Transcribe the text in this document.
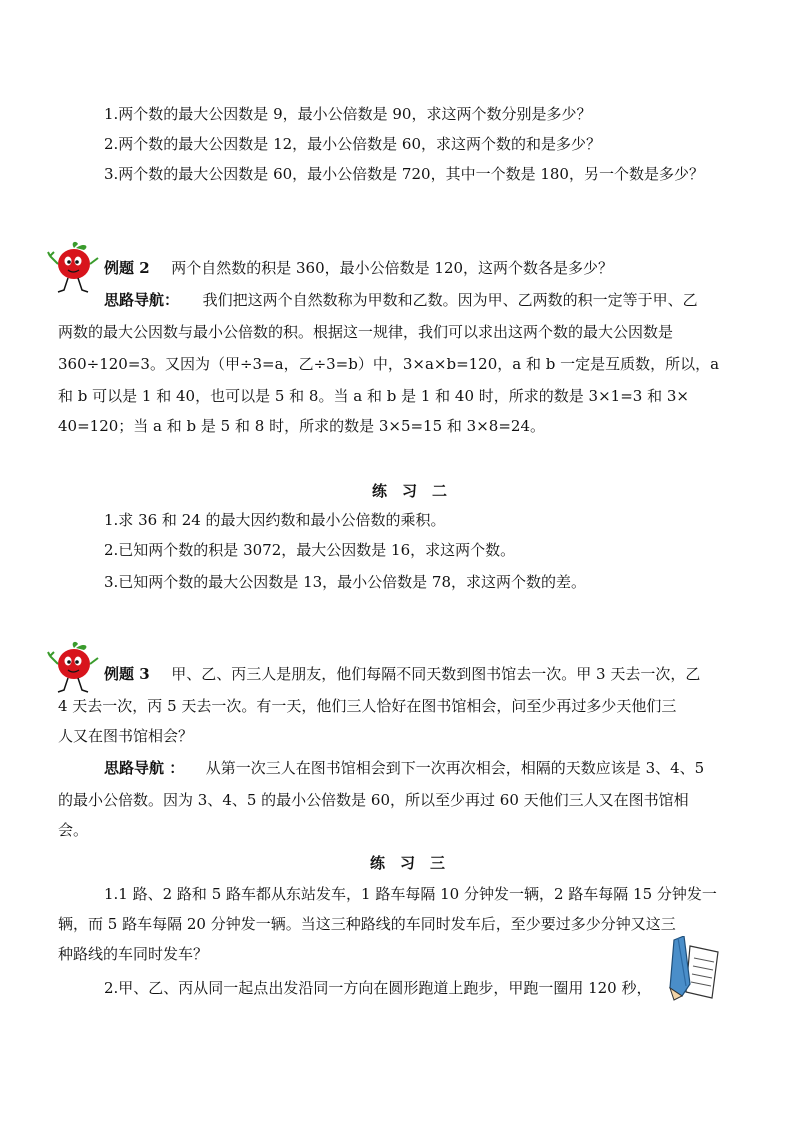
1.两个数的最大公因数是 9，最小公倍数是 90，求这两个数分别是多少？
2.两个数的最大公因数是 12，最小公倍数是 60，求这两个数的和是多少？
3.两个数的最大公因数是 60，最小公倍数是 720，其中一个数是 180，另一个数是多少？
例题 2 两个自然数的积是 360，最小公倍数是 120，这两个数各是多少？
思路导航： 我们把这两个自然数称为甲数和乙数。因为甲、乙两数的积一定等于甲、乙
两数的最大公因数与最小公倍数的积。根据这一规律，我们可以求出这两个数的最大公因数是
360÷120=3。又因为（甲÷3=a，乙÷3=b）中，3×a×b=120，a 和 b 一定是互质数，所以，a
和 b 可以是 1 和 40，也可以是 5 和 8。当 a 和 b 是 1 和 40 时，所求的数是 3×1=3 和 3×
40=120；当 a 和 b 是 5 和 8 时，所求的数是 3×5=15 和 3×8=24。
练　习　二
1.求 36 和 24 的最大因约数和最小公倍数的乘积。
2.已知两个数的积是 3072，最大公因数是 16，求这两个数。
3.已知两个数的最大公因数是 13，最小公倍数是 78，求这两个数的差。
例题 3 甲、乙、丙三人是朋友，他们每隔不同天数到图书馆去一次。甲 3 天去一次，乙
4 天去一次，丙 5 天去一次。有一天，他们三人恰好在图书馆相会，问至少再过多少天他们三
人又在图书馆相会？
思路导航 ： 从第一次三人在图书馆相会到下一次再次相会，相隔的天数应该是 3、4、5
的最小公倍数。因为 3、4、5 的最小公倍数是 60，所以至少再过 60 天他们三人又在图书馆相
会。
练　习　三
1.1 路、2 路和 5 路车都从东站发车，1 路车每隔 10 分钟发一辆，2 路车每隔 15 分钟发一
辆，而 5 路车每隔 20 分钟发一辆。当这三种路线的车同时发车后，至少要过多少分钟又这三
种路线的车同时发车？
2.甲、乙、丙从同一起点出发沿同一方向在圆形跑道上跑步，甲跑一圈用 120 秒，
